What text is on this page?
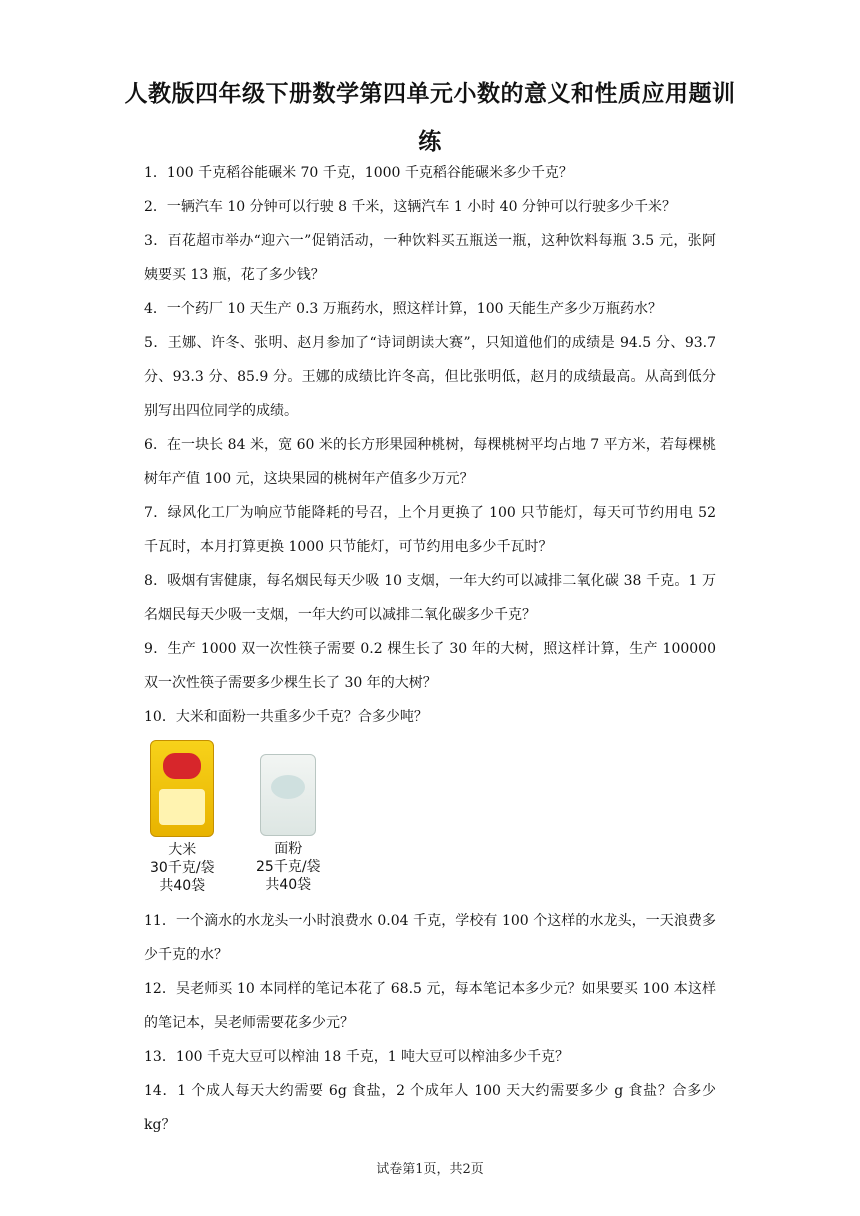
人教版四年级下册数学第四单元小数的意义和性质应用题训
练

1．100 千克稻谷能碾米 70 千克，1000 千克稻谷能碾米多少千克？

2．一辆汽车 10 分钟可以行驶 8 千米，这辆汽车 1 小时 40 分钟可以行驶多少千米？

3．百花超市举办“迎六一”促销活动，一种饮料买五瓶送一瓶，这种饮料每瓶 3.5 元，张阿姨要买 13 瓶，花了多少钱？

4．一个药厂 10 天生产 0.3 万瓶药水，照这样计算，100 天能生产多少万瓶药水？

5．王娜、许冬、张明、赵月参加了“诗词朗读大赛”，只知道他们的成绩是 94.5 分、93.7 分、93.3 分、85.9 分。王娜的成绩比许冬高，但比张明低，赵月的成绩最高。从高到低分别写出四位同学的成绩。

6．在一块长 84 米，宽 60 米的长方形果园种桃树，每棵桃树平均占地 7 平方米，若每棵桃树年产值 100 元，这块果园的桃树年产值多少万元？

7．绿风化工厂为响应节能降耗的号召，上个月更换了 100 只节能灯，每天可节约用电 52 千瓦时，本月打算更换 1000 只节能灯，可节约用电多少千瓦时？

8．吸烟有害健康，每名烟民每天少吸 10 支烟，一年大约可以减排二氧化碳 38 千克。1 万名烟民每天少吸一支烟，一年大约可以减排二氧化碳多少千克？

9．生产 1000 双一次性筷子需要 0.2 棵生长了 30 年的大树，照这样计算，生产 100000 双一次性筷子需要多少棵生长了 30 年的大树？

10．大米和面粉一共重多少千克？合多少吨？

大米
30千克/袋
共40袋
面粉
25千克/袋
共40袋

11．一个滴水的水龙头一小时浪费水 0.04 千克，学校有 100 个这样的水龙头，一天浪费多少千克的水？

12．吴老师买 10 本同样的笔记本花了 68.5 元，每本笔记本多少元？如果要买 100 本这样的笔记本，吴老师需要花多少元？

13．100 千克大豆可以榨油 18 千克，1 吨大豆可以榨油多少千克？

14．1 个成人每天大约需要 6g 食盐，2 个成年人 100 天大约需要多少 g 食盐？合多少 kg？

试卷第1页，共2页
